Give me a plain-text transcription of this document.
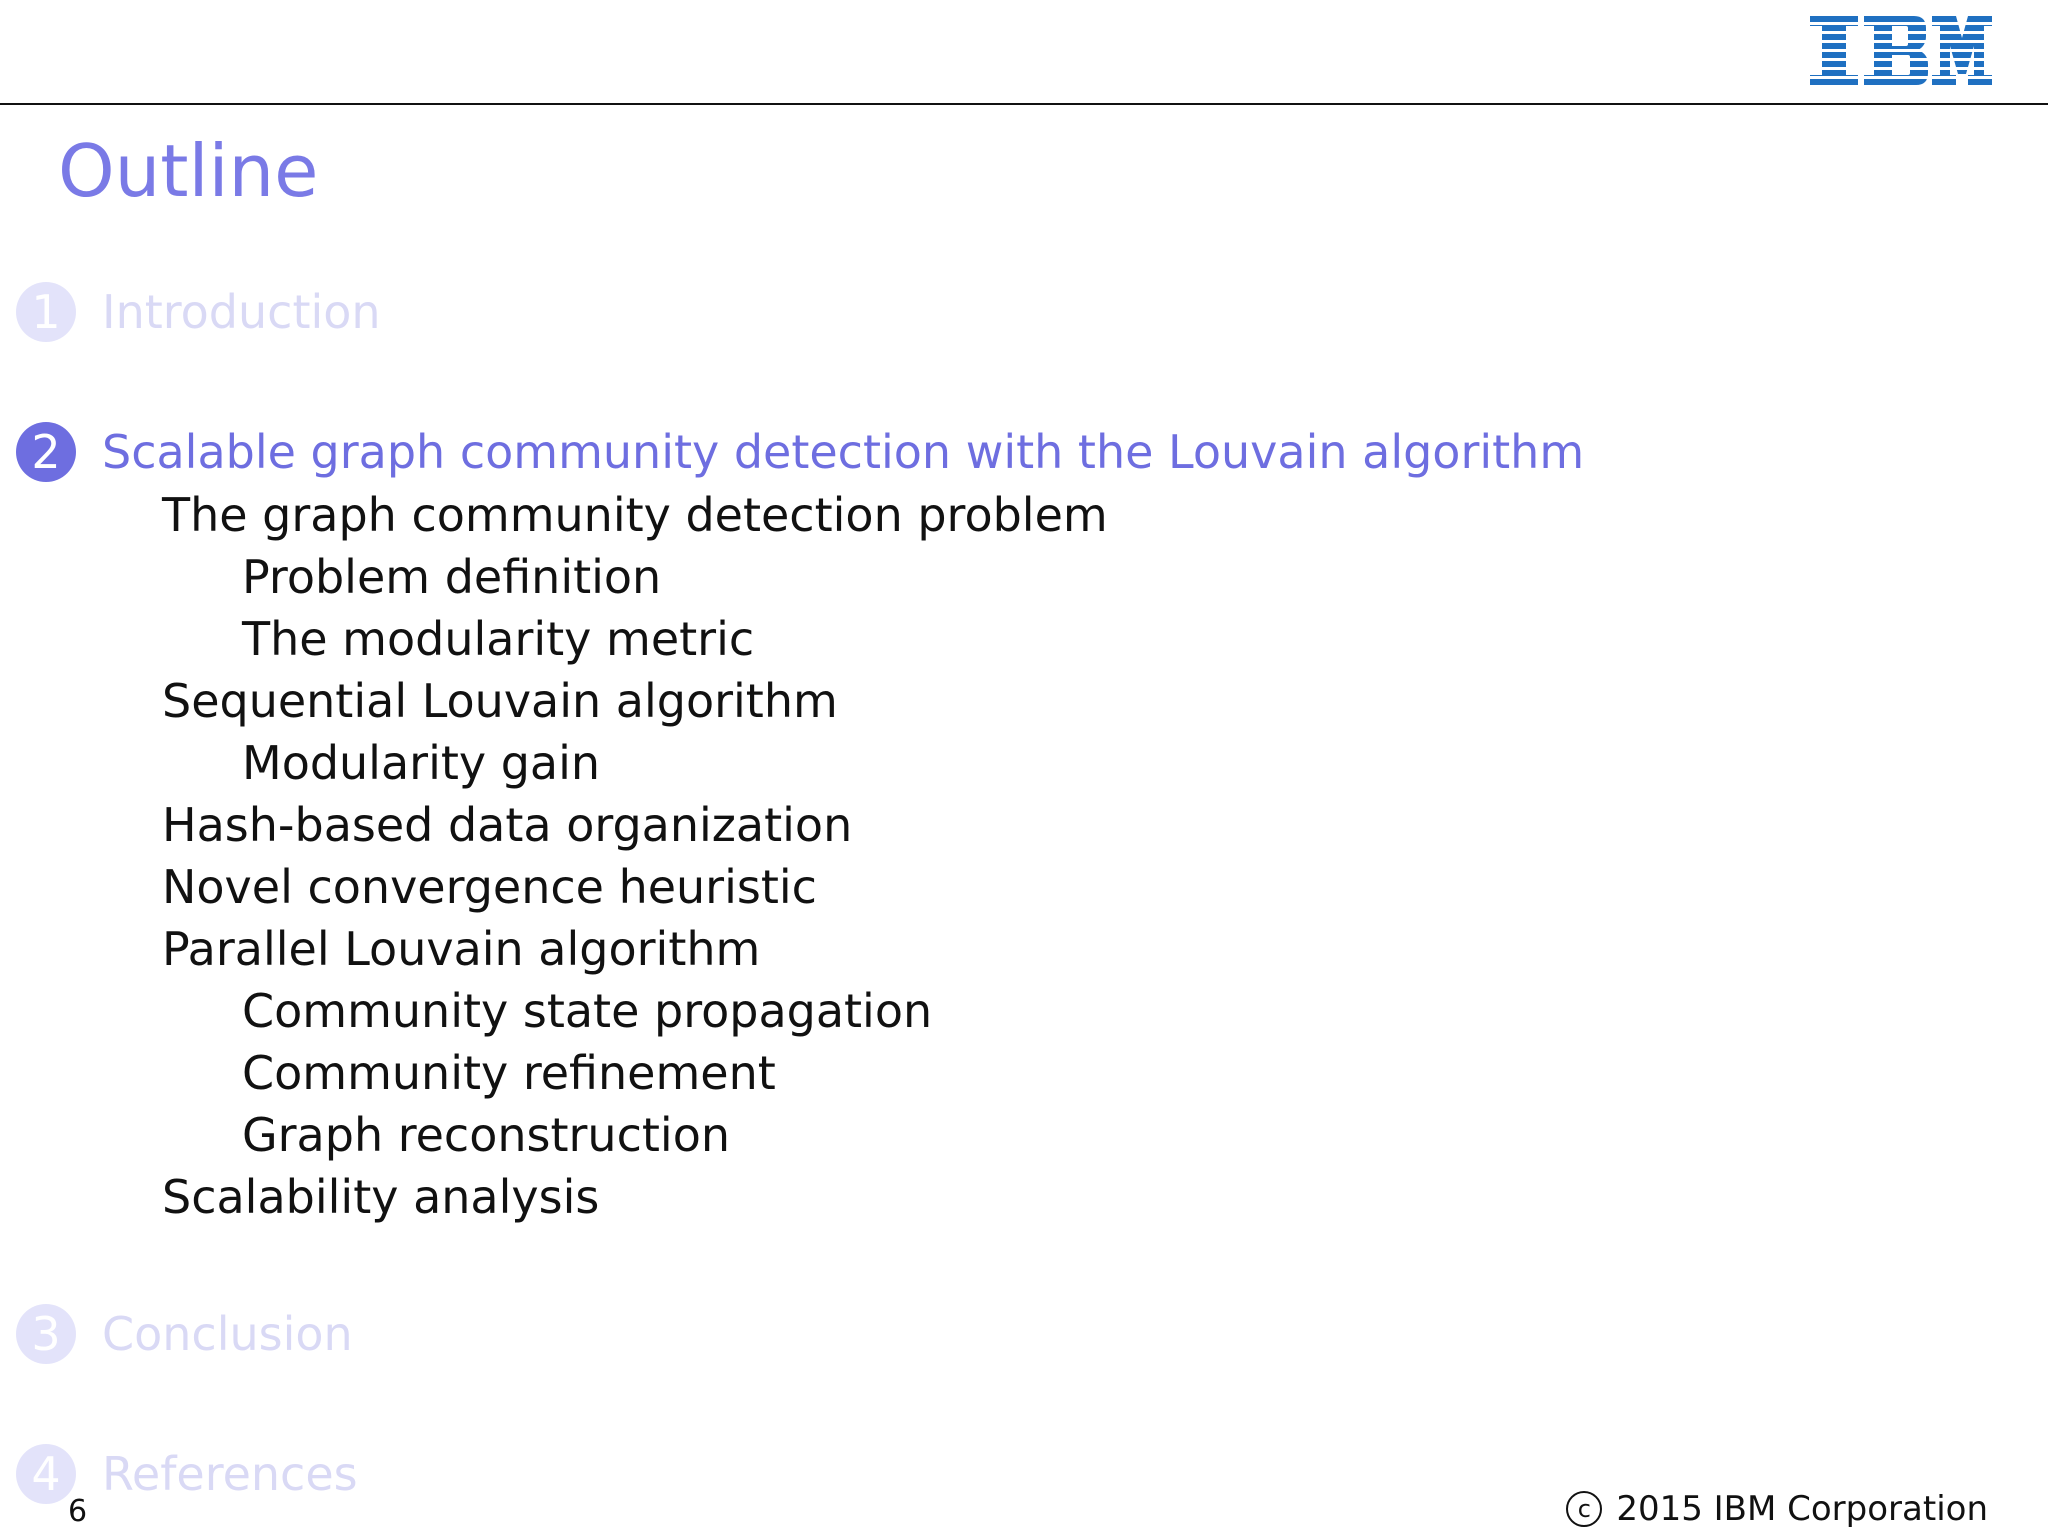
Outline
1 Introduction
2 Scalable graph community detection with the Louvain algorithm
The graph community detection problem
Problem definition
The modularity metric
Sequential Louvain algorithm
Modularity gain
Hash-based data organization
Novel convergence heuristic
Parallel Louvain algorithm
Community state propagation
Community refinement
Graph reconstruction
Scalability analysis
3 Conclusion
4 References
6	c 2015 IBM Corporation
